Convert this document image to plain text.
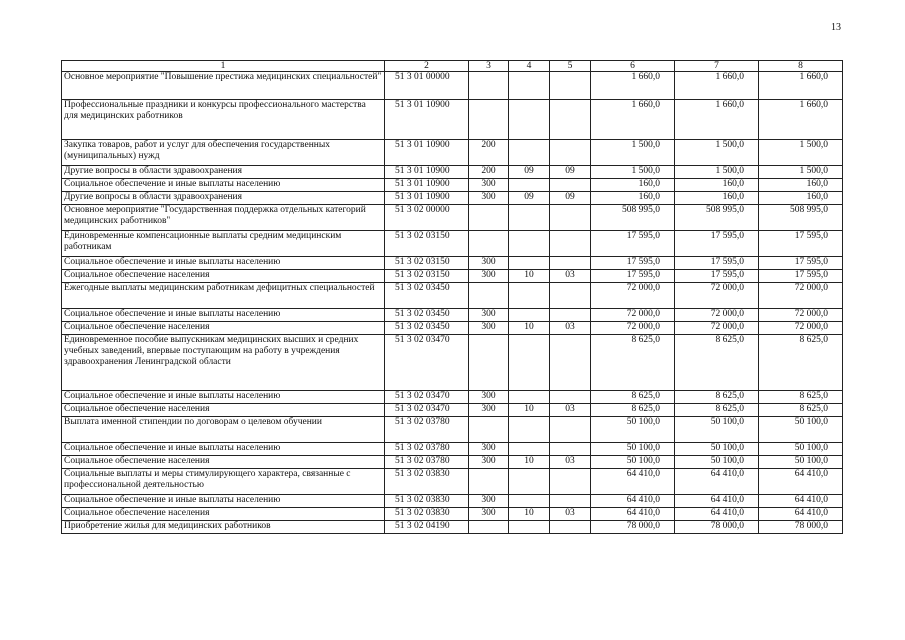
13
1	2	3	4	5	6	7	8
Основное мероприятие "Повышение престижа медицинских специальностей"	51 3 01 00000				1 660,0	1 660,0	1 660,0
Профессиональные праздники и конкурсы профессионального мастерства для медицинских работников	51 3 01 10900				1 660,0	1 660,0	1 660,0
Закупка товаров, работ и услуг для обеспечения государственных (муниципальных) нужд	51 3 01 10900	200			1 500,0	1 500,0	1 500,0
Другие вопросы в области здравоохранения	51 3 01 10900	200	09	09	1 500,0	1 500,0	1 500,0
Социальное обеспечение и иные выплаты населению	51 3 01 10900	300			160,0	160,0	160,0
Другие вопросы в области здравоохранения	51 3 01 10900	300	09	09	160,0	160,0	160,0
Основное мероприятие "Государственная поддержка отдельных категорий медицинских работников"	51 3 02 00000				508 995,0	508 995,0	508 995,0
Единовременные компенсационные выплаты средним медицинским работникам	51 3 02 03150				17 595,0	17 595,0	17 595,0
Социальное обеспечение и иные выплаты населению	51 3 02 03150	300			17 595,0	17 595,0	17 595,0
Социальное обеспечение населения	51 3 02 03150	300	10	03	17 595,0	17 595,0	17 595,0
Ежегодные выплаты медицинским работникам дефицитных специальностей	51 3 02 03450				72 000,0	72 000,0	72 000,0
Социальное обеспечение и иные выплаты населению	51 3 02 03450	300			72 000,0	72 000,0	72 000,0
Социальное обеспечение населения	51 3 02 03450	300	10	03	72 000,0	72 000,0	72 000,0
Единовременное пособие выпускникам медицинских высших и средних учебных заведений, впервые поступающим на работу в учреждения здравоохранения Ленинградской области	51 3 02 03470				8 625,0	8 625,0	8 625,0
Социальное обеспечение и иные выплаты населению	51 3 02 03470	300			8 625,0	8 625,0	8 625,0
Социальное обеспечение населения	51 3 02 03470	300	10	03	8 625,0	8 625,0	8 625,0
Выплата именной стипендии по договорам о целевом обучении	51 3 02 03780				50 100,0	50 100,0	50 100,0
Социальное обеспечение и иные выплаты населению	51 3 02 03780	300			50 100,0	50 100,0	50 100,0
Социальное обеспечение населения	51 3 02 03780	300	10	03	50 100,0	50 100,0	50 100,0
Социальные выплаты и меры стимулирующего характера, связанные с профессиональной деятельностью	51 3 02 03830				64 410,0	64 410,0	64 410,0
Социальное обеспечение и иные выплаты населению	51 3 02 03830	300			64 410,0	64 410,0	64 410,0
Социальное обеспечение населения	51 3 02 03830	300	10	03	64 410,0	64 410,0	64 410,0
Приобретение жилья для медицинских работников	51 3 02 04190				78 000,0	78 000,0	78 000,0
